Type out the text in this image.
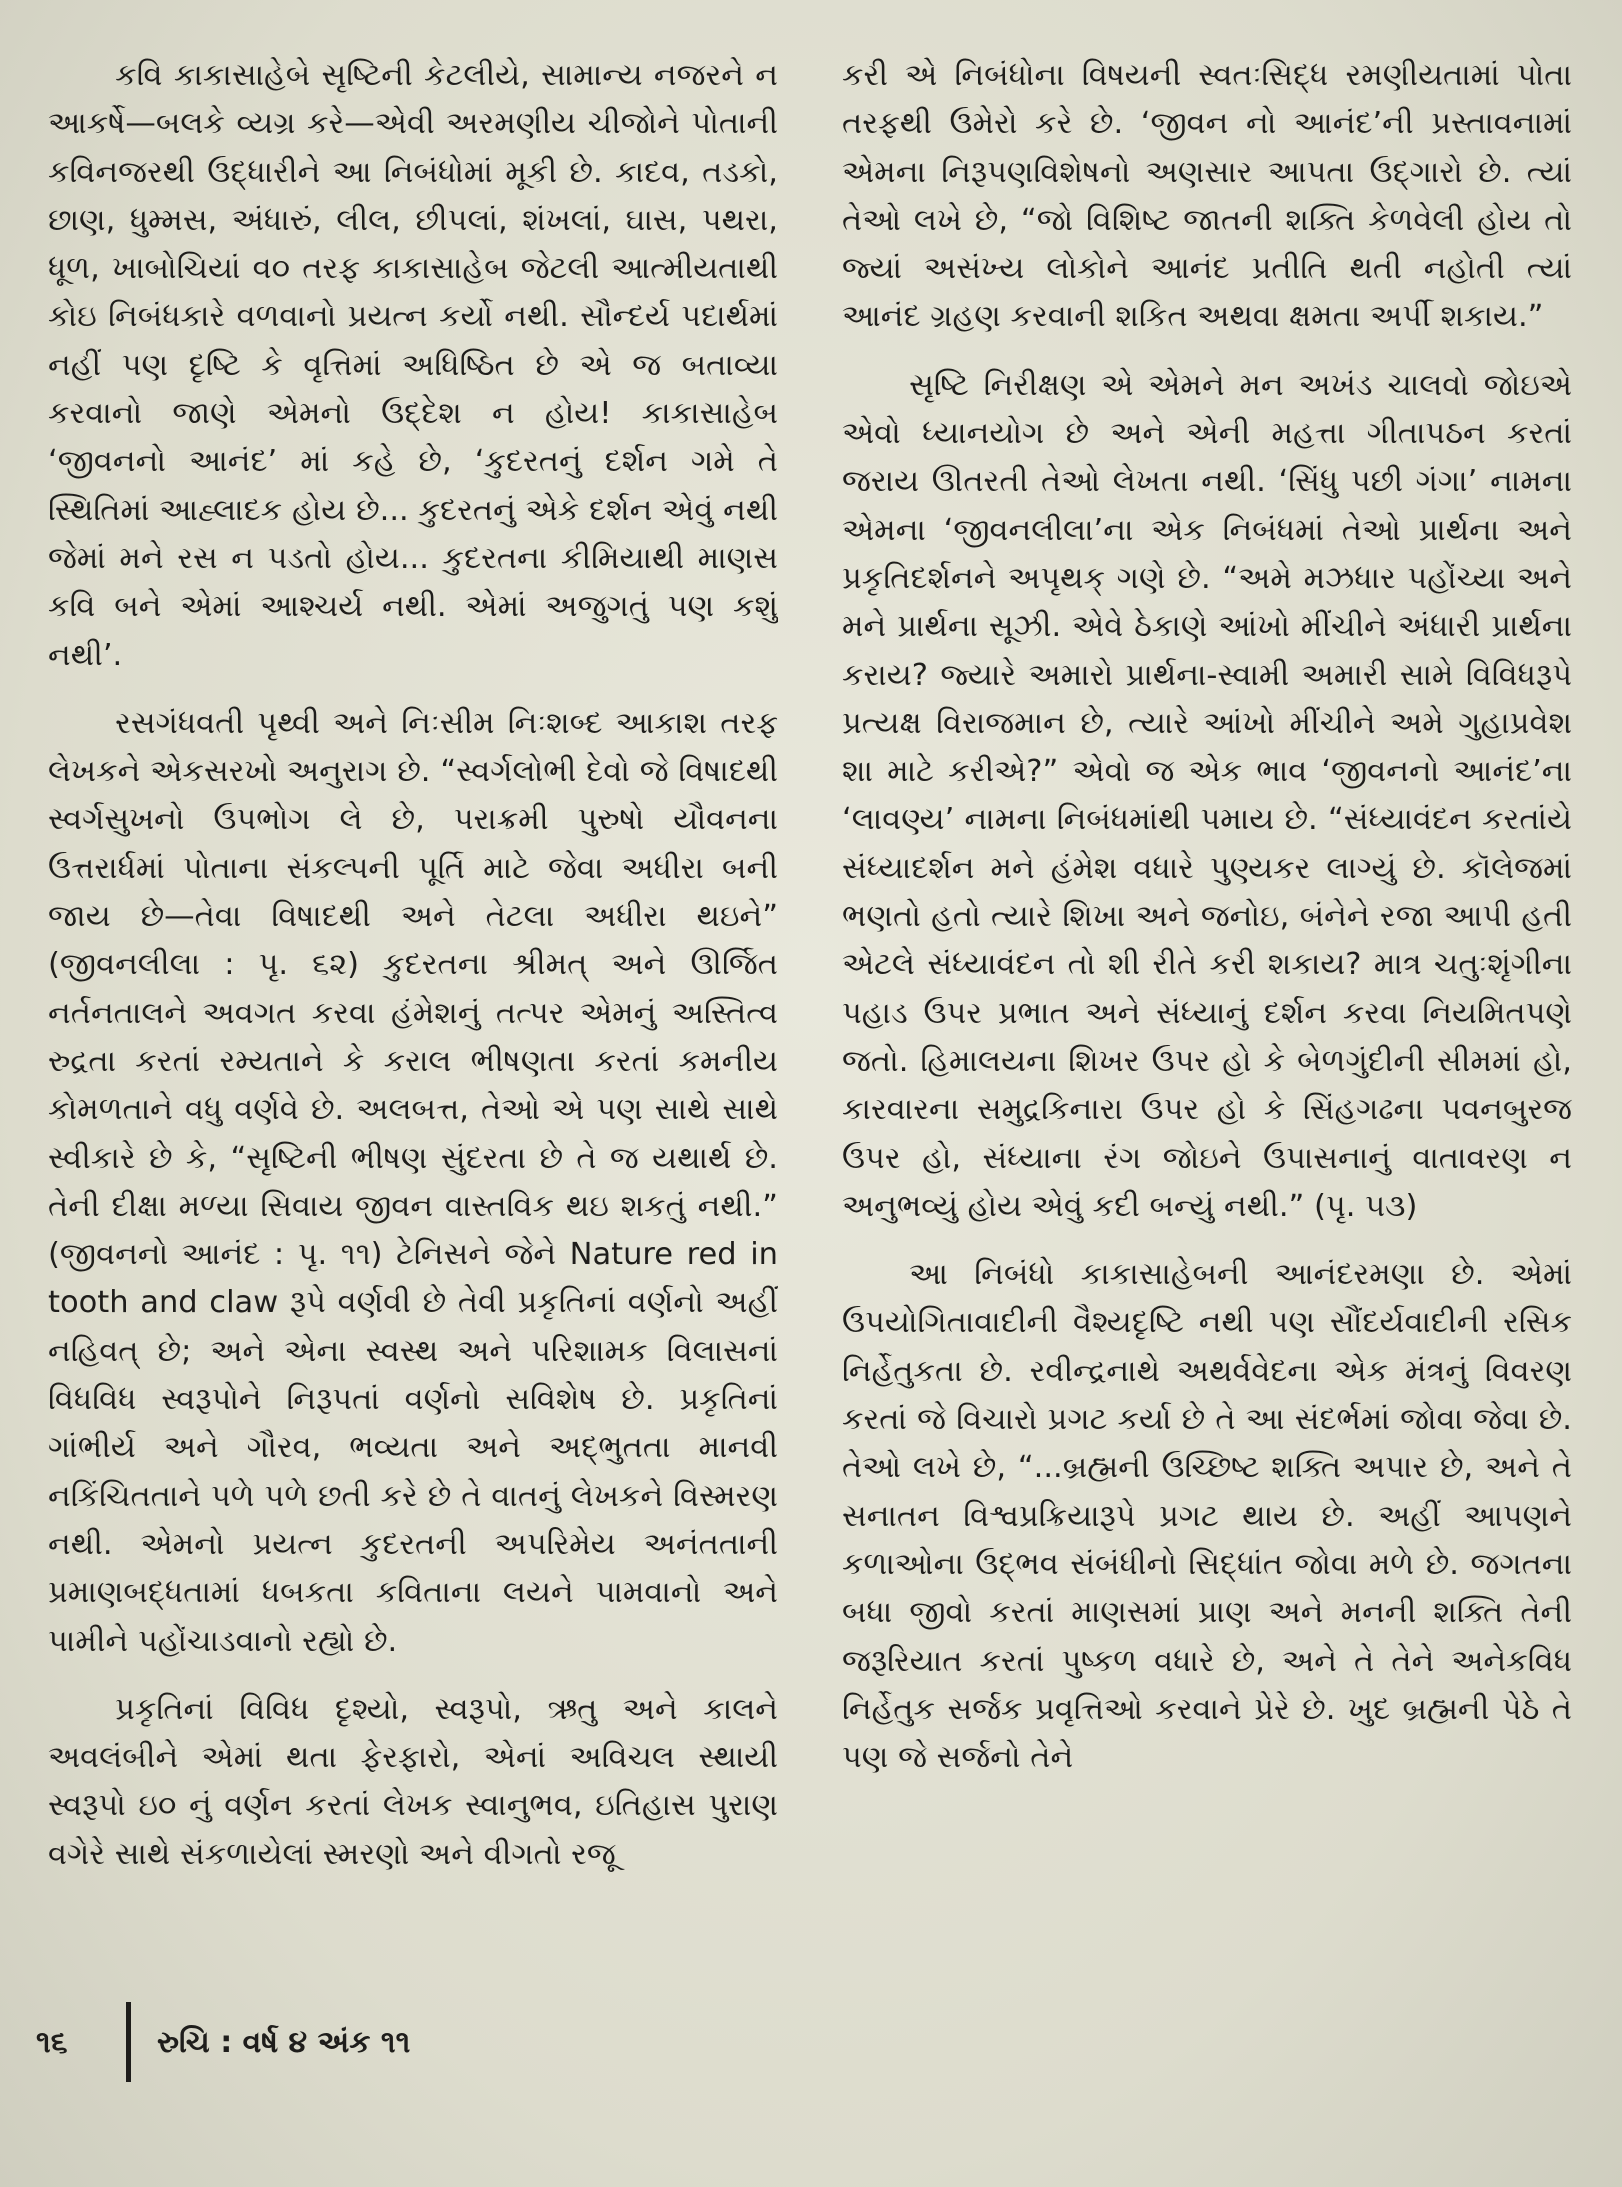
કવિ કાકાસાહેબે સૃષ્ટિની કેટલીયે, સામાન્ય નજરને ન આકર્ષે—બલકે વ્યગ્ર કરે—એવી અરમણીય ચીજોને પોતાની કવિનજરથી ઉદ્ધારીને આ નિબંધોમાં મૂકી છે. કાદવ, તડકો, છાણ, ધુમ્મસ, અંધારું, લીલ, છીપલાં, શંખલાં, ઘાસ, પથરા, ધૂળ, ખાબોચિયાં વ૦ તરફ કાકાસાહેબ જેટલી આત્મીયતાથી કોઇ નિબંધકારે વળવાનો પ્રયત્ન કર્યો નથી. સૌન્દર્ય પદાર્થમાં નહીં પણ દૃષ્ટિ કે વૃત્તિમાં અધિષ્ઠિત છે એ જ બતાવ્યા કરવાનો જાણે એમનો ઉદ્દેશ ન હોય! કાકાસાહેબ ‘જીવનનો આનંદ’ માં કહે છે, ‘કુદરતનું દર્શન ગમે તે સ્થિતિમાં આહ્લાદક હોય છે... કુદરતનું એકે દર્શન એવું નથી જેમાં મને રસ ન પડતો હોય... કુદરતના કીમિયાથી માણસ કવિ બને એમાં આશ્ચર્ય નથી. એમાં અજુગતું પણ કશું નથી’.

રસગંધવતી પૃથ્વી અને નિઃસીમ નિઃશબ્દ આકાશ તરફ લેખકને એકસરખો અનુરાગ છે. “સ્વર્ગલોભી દેવો જે વિષાદથી સ્વર્ગસુખનો ઉપભોગ લે છે, પરાક્રમી પુરુષો યૌવનના ઉત્તરાર્ધમાં પોતાના સંકલ્પની પૂર્તિ માટે જેવા અધીરા બની જાય છે—તેવા વિષાદથી અને તેટલા અધીરા થઇને” (જીવનલીલા : પૃ. ૬૨) કુદરતના શ્રીમત્ અને ઊર્જિત નર્તનતાલને અવગત કરવા હંમેશનું તત્પર એમનું અસ્તિત્વ રુદ્રતા કરતાં રમ્યતાને કે કરાલ ભીષણતા કરતાં કમનીય કોમળતાને વધુ વર્ણવે છે. અલબત્ત, તેઓ એ પણ સાથે સાથે સ્વીકારે છે કે, “સૃષ્ટિની ભીષણ સુંદરતા છે તે જ યથાર્થ છે. તેની દીક્ષા મળ્યા સિવાય જીવન વાસ્તવિક થઇ શકતું નથી.” (જીવનનો આનંદ : પૃ. ૧૧) ટેનિસને જેને Nature red in tooth and claw રૂપે વર્ણવી છે તેવી પ્રકૃતિનાં વર્ણનો અહીં નહિવત્ છે; અને એના સ્વસ્થ અને પરિશામક વિલાસનાં વિધવિધ સ્વરૂપોને નિરૂપતાં વર્ણનો સવિશેષ છે. પ્રકૃતિનાં ગાંભીર્ય અને ગૌરવ, ભવ્યતા અને અદ્ભુતતા માનવી નકિંચિતતાને પળે પળે છતી કરે છે તે વાતનું લેખકને વિસ્મરણ નથી. એમનો પ્રયત્ન કુદરતની અપરિમેય અનંતતાની પ્રમાણબદ્ધતામાં ધબકતા કવિતાના લયને પામવાનો અને પામીને પહોંચાડવાનો રહ્યો છે.

પ્રકૃતિનાં વિવિધ દૃશ્યો, સ્વરૂપો, ઋતુ અને કાલને અવલંબીને એમાં થતા ફેરફારો, એનાં અવિચલ સ્થાયી સ્વરૂપો ઇ૦ નું વર્ણન કરતાં લેખક સ્વાનુભવ, ઇતિહાસ પુરાણ વગેરે સાથે સંકળાયેલાં સ્મરણો અને વીગતો રજૂ

કરી એ નિબંધોના વિષયની સ્વતઃસિદ્ધ રમણીયતામાં પોતા તરફથી ઉમેરો કરે છે. ‘જીવન નો આનંદ’ની પ્રસ્તાવનામાં એમના નિરૂપણવિશેષનો અણસાર આપતા ઉદ્ગારો છે. ત્યાં તેઓ લખે છે, “જો વિશિષ્ટ જાતની શક્તિ કેળવેલી હોય તો જ્યાં અસંખ્ય લોકોને આનંદ પ્રતીતિ થતી નહોતી ત્યાં આનંદ ગ્રહણ કરવાની શકિત અથવા ક્ષમતા અર્પી શકાય.”

સૃષ્ટિ નિરીક્ષણ એ એમને મન અખંડ ચાલવો જોઇએ એવો ધ્યાનયોગ છે અને એની મહત્તા ગીતાપઠન કરતાં જરાય ઊતરતી તેઓ લેખતા નથી. ‘સિંધુ પછી ગંગા’ નામના એમના ‘જીવનલીલા’ના એક નિબંધમાં તેઓ પ્રાર્થના અને પ્રકૃતિદર્શનને અપૃથક્ ગણે છે. “અમે મઝધાર પહોંચ્યા અને મને પ્રાર્થના સૂઝી. એવે ઠેકાણે આંખો મીંચીને અંધારી પ્રાર્થના કરાય? જ્યારે અમારો પ્રાર્થના-સ્વામી અમારી સામે વિવિધરૂપે પ્રત્યક્ષ વિરાજમાન છે, ત્યારે આંખો મીંચીને અમે ગુહાપ્રવેશ શા માટે કરીએ?” એવો જ એક ભાવ ‘જીવનનો આનંદ’ના ‘લાવણ્ય’ નામના નિબંધમાંથી પમાય છે. “સંધ્યાવંદન કરતાંયે સંધ્યાદર્શન મને હંમેશ વધારે પુણ્યકર લાગ્યું છે. કૉલેજમાં ભણતો હતો ત્યારે શિખા અને જનોઇ, બંનેને રજા આપી હતી એટલે સંધ્યાવંદન તો શી રીતે કરી શકાય? માત્ર ચતુઃશૃંગીના પહાડ ઉપર પ્રભાત અને સંધ્યાનું દર્શન કરવા નિયમિતપણે જતો. હિમાલયના શિખર ઉપર હો કે બેળગુંદીની સીમમાં હો, કારવારના સમુદ્રકિનારા ઉપર હો કે સિંહગઢના પવનબુરજ ઉપર હો, સંધ્યાના રંગ જોઇને ઉપાસનાનું વાતાવરણ ન અનુભવ્યું હોય એવું કદી બન્યું નથી.” (પૃ. ૫૩)

આ નિબંધો કાકાસાહેબની આનંદરમણા છે. એમાં ઉપયોગિતાવાદીની વૈશ્યદૃષ્ટિ નથી પણ સૌંદર્યવાદીની રસિક નિર્હેતુકતા છે. રવીન્દ્રનાથે અથર્વવેદના એક મંત્રનું વિવરણ કરતાં જે વિચારો પ્રગટ કર્યા છે તે આ સંદર્ભમાં જોવા જેવા છે. તેઓ લખે છે, “...બ્રહ્મની ઉચ્છિષ્ટ શક્તિ અપાર છે, અને તે સનાતન વિશ્વપ્રક્રિયારૂપે પ્રગટ થાય છે. અહીં આપણને કળાઓના ઉદ્ભવ સંબંધીનો સિદ્ધાંત જોવા મળે છે. જગતના બધા જીવો કરતાં માણસમાં પ્રાણ અને મનની શક્તિ તેની જરૂરિયાત કરતાં પુષ્કળ વધારે છે, અને તે તેને અનેકવિધ નિર્હેતુક સર્જક પ્રવૃત્તિઓ કરવાને પ્રેરે છે. ખુદ બ્રહ્મની પેઠે તે પણ જે સર્જનો તેને

૧૬	રુચિ : વર્ષ ૪ અંક ૧૧
